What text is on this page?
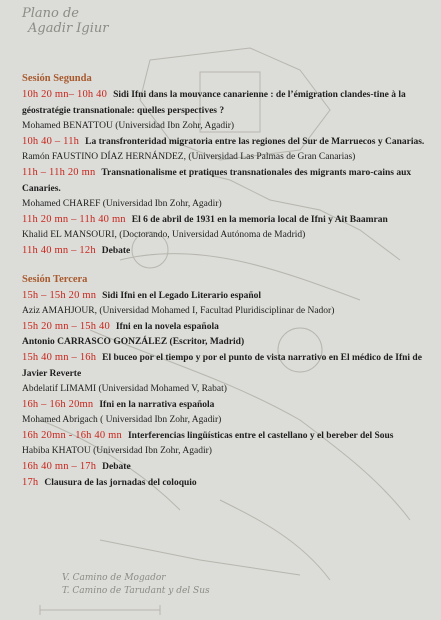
Plano de
Agadir Igiur
V. Camino de Mogador
T. Camino de Tarudant y del Sus
Sesión Segunda
10h 20 mn– 10h 40 Sidi Ifni dans la mouvance canarienne : de l’émigration clandes-tine à la géostratégie transnationale: quelles perspectives ?
Mohamed BENATTOU (Universidad Ibn Zohr, Agadir)
10h 40 – 11h La transfronteridad migratoria entre las regiones del Sur de Marruecos y Canarias.
Ramón FAUSTINO DÍAZ HERNÁNDEZ, (Universidad Las Palmas de Gran Canarias)
11h – 11h 20 mn Transnationalisme et pratiques transnationales des migrants maro-cains aux Canaries.
Mohamed CHAREF (Universidad Ibn Zohr, Agadir)
11h 20 mn – 11h 40 mn El 6 de abril de 1931 en la memoria local de Ifni y Ait Baamran
Khalid EL MANSOURI, (Doctorando, Universidad Autónoma de Madrid)
11h 40 mn – 12h Debate
Sesión Tercera
15h – 15h 20 mn Sidi Ifni en el Legado Literario español
Aziz AMAHJOUR, (Universidad Mohamed I, Facultad Pluridisciplinar de Nador)
15h 20 mn – 15h 40 Ifni en la novela española
Antonio CARRASCO GONZÁLEZ (Escritor, Madrid)
15h 40 mn – 16h El buceo por el tiempo y por el punto de vista narrativo en El médico de Ifni de Javier Reverte
Abdelatif LIMAMI (Universidad Mohamed V, Rabat)
16h – 16h 20mn Ifni en la narrativa española
Mohamed Abrigach ( Universidad Ibn Zohr, Agadir)
16h 20mn - 16h 40 mn Interferencias lingüísticas entre el castellano y el bereber del Sous
Habiba KHATOU (Universidad Ibn Zohr, Agadir)
16h 40 mn – 17h Debate
17h Clausura de las jornadas del coloquio
